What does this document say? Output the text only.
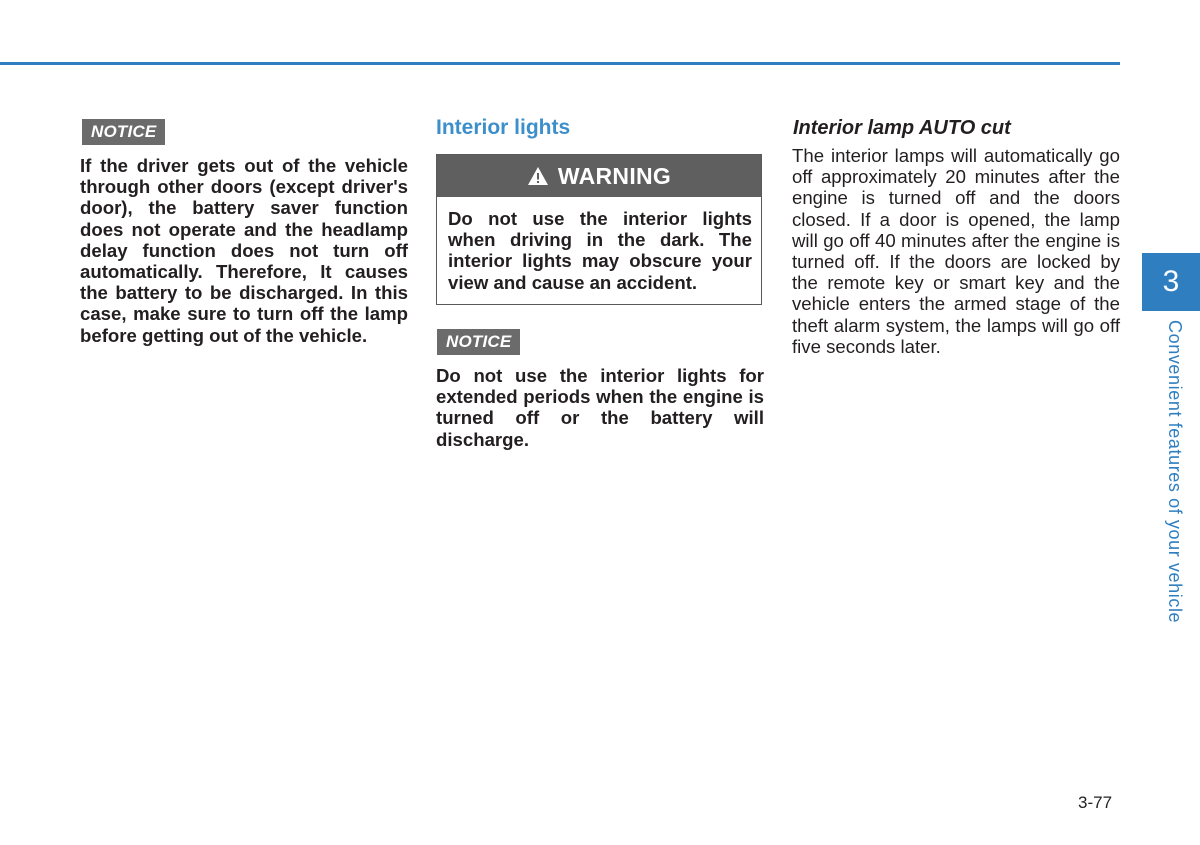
NOTICE

If the driver gets out of the vehicle through other doors (except driver's door), the battery saver function does not operate and the headlamp delay function does not turn off automatically. Therefore, It causes the battery to be discharged. In this case, make sure to turn off the lamp before getting out of the vehicle.

Interior lights
WARNING

Do not use the interior lights when driving in the dark. The interior lights may obscure your view and cause an accident.

NOTICE

Do not use the interior lights for extended periods when the engine is turned off or the battery will discharge.

Interior lamp AUTO cut

The interior lamps will automatically go off approximately 20 minutes after the engine is turned off and the doors closed. If a door is opened, the lamp will go off 40 minutes after the engine is turned off. If the doors are locked by the remote key or smart key and the vehicle enters the armed stage of the theft alarm system, the lamps will go off five seconds later.

3
Convenient features of your vehicle
3-77
